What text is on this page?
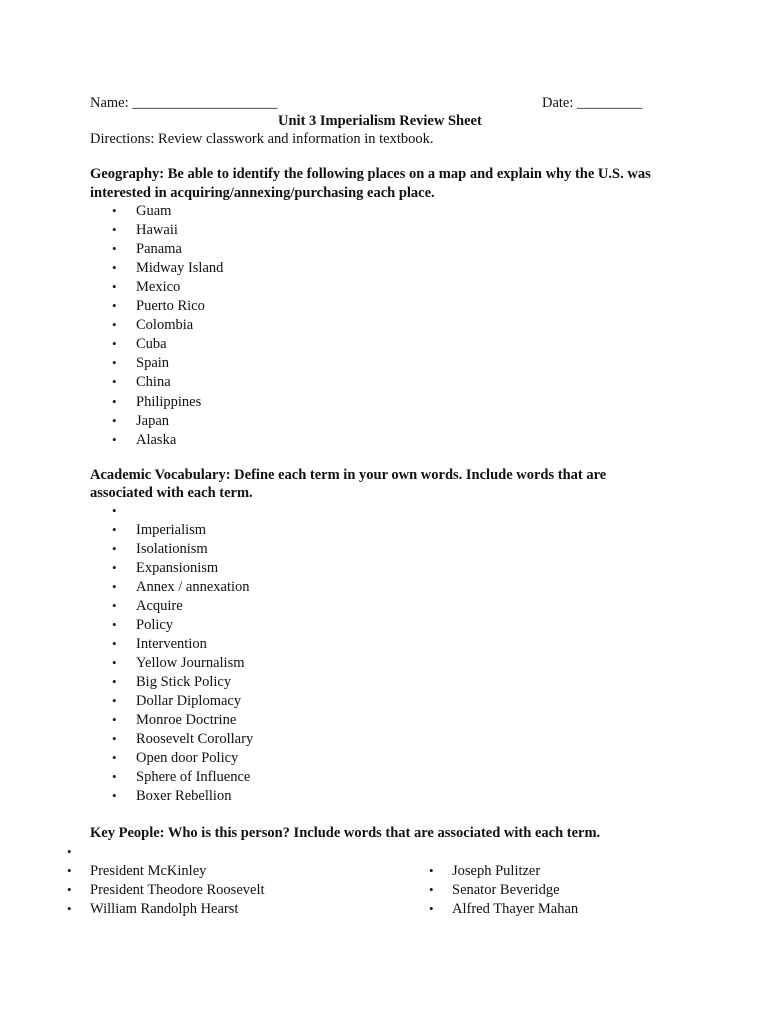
Name: ____________________	Date: _________
Unit 3 Imperialism Review Sheet
Directions: Review classwork and information in textbook.
Geography: Be able to identify the following places on a map and explain why the U.S. was
interested in acquiring/annexing/purchasing each place.
• Guam
• Hawaii
• Panama
• Midway Island
• Mexico
• Puerto Rico
• Colombia
• Cuba
• Spain
• China
• Philippines
• Japan
• Alaska
Academic Vocabulary: Define each term in your own words. Include words that are
associated with each term.
•
• Imperialism
• Isolationism
• Expansionism
• Annex / annexation
• Acquire
• Policy
• Intervention
• Yellow Journalism
• Big Stick Policy
• Dollar Diplomacy
• Monroe Doctrine
• Roosevelt Corollary
• Open door Policy
• Sphere of Influence
• Boxer Rebellion
Key People: Who is this person? Include words that are associated with each term.
•
• President McKinley
• President Theodore Roosevelt
• William Randolph Hearst
• Joseph Pulitzer
• Senator Beveridge
• Alfred Thayer Mahan
